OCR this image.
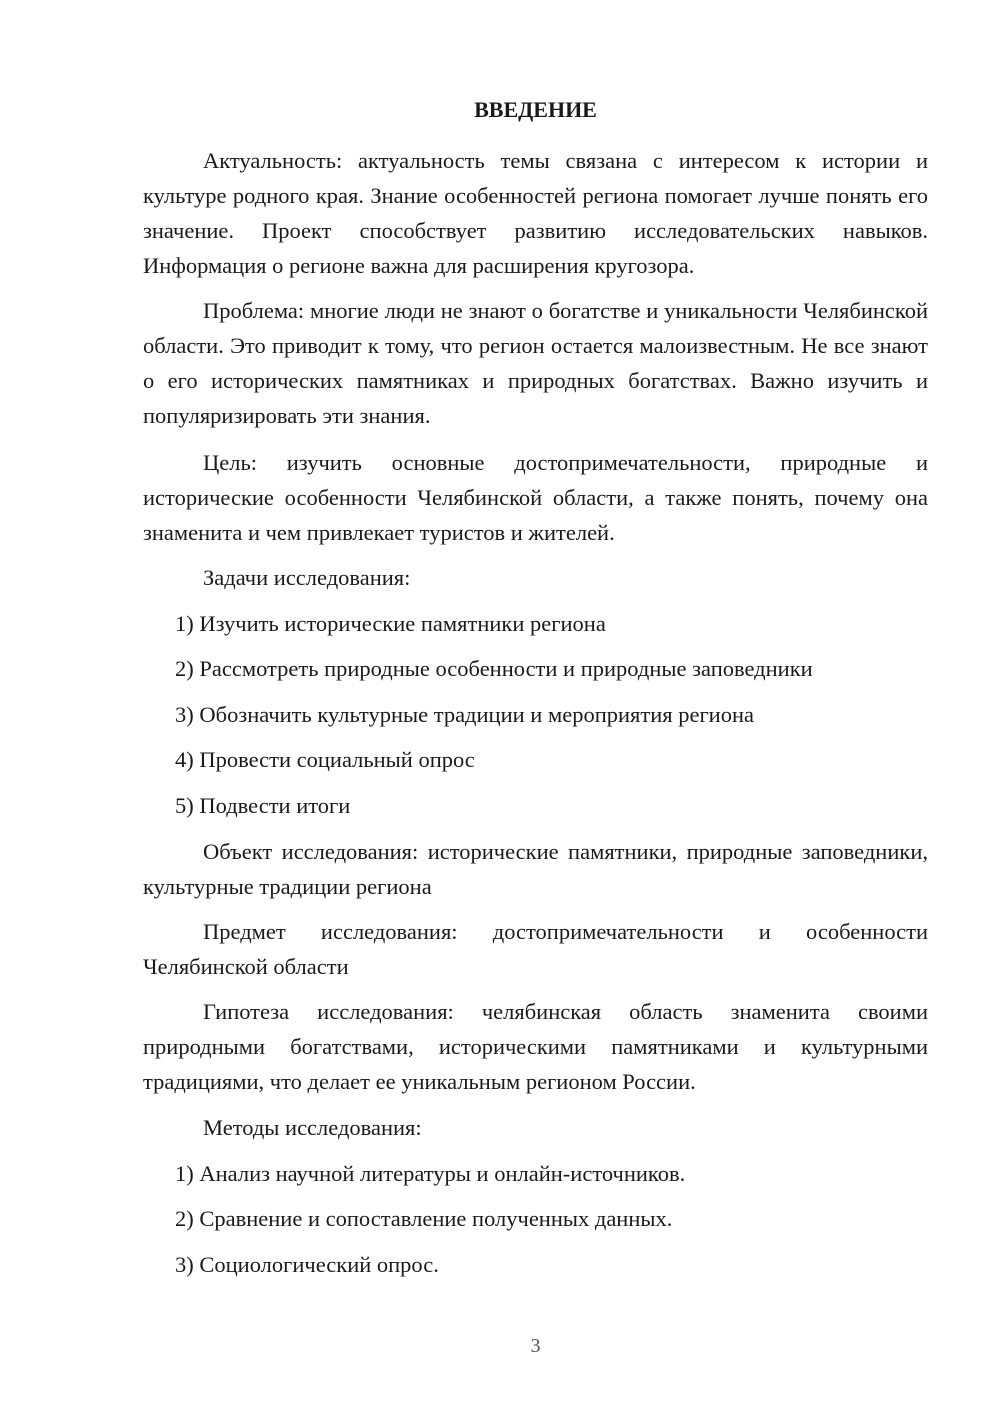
ВВЕДЕНИЕ

Актуальность: актуальность темы связана с интересом к истории и культуре родного края. Знание особенностей региона помогает лучше понять его значение. Проект способствует развитию исследовательских навыков. Информация о регионе важна для расширения кругозора.

Проблема: многие люди не знают о богатстве и уникальности Челябинской области. Это приводит к тому, что регион остается малоизвестным. Не все знают о его исторических памятниках и природных богатствах. Важно изучить и популяризировать эти знания.

Цель: изучить основные достопримечательности, природные и исторические особенности Челябинской области, а также понять, почему она знаменита и чем привлекает туристов и жителей.

Задачи исследования:

1) Изучить исторические памятники региона

2) Рассмотреть природные особенности и природные заповедники

3) Обозначить культурные традиции и мероприятия региона

4) Провести социальный опрос

5) Подвести итоги

Объект исследования: исторические памятники, природные заповедники, культурные традиции региона

Предмет исследования: достопримечательности и особенности Челябинской области

Гипотеза исследования: челябинская область знаменита своими природными богатствами, историческими памятниками и культурными традициями, что делает ее уникальным регионом России.

Методы исследования:

1) Анализ научной литературы и онлайн-источников.

2) Сравнение и сопоставление полученных данных.

3) Социологический опрос.

3
